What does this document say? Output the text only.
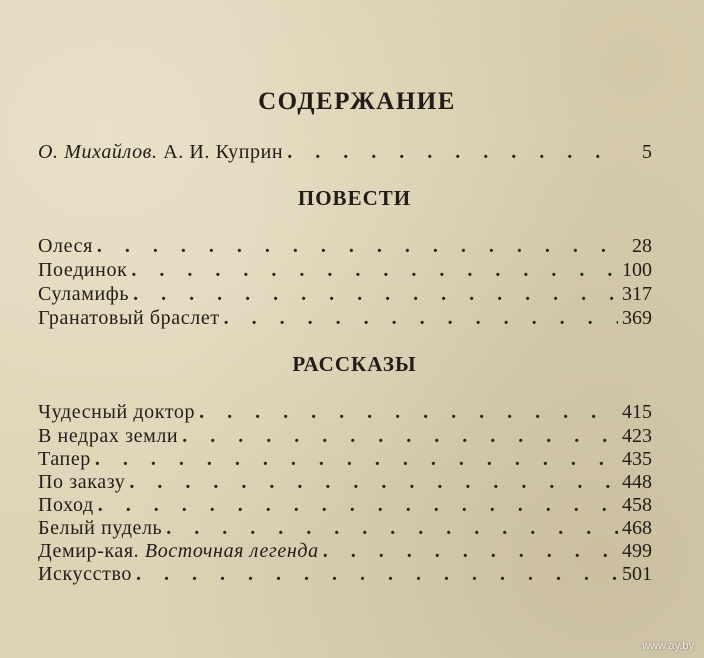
СОДЕРЖАНИЕ
О. Михайлов. А. И. Куприн . . .	5
ПОВЕСТИ
Олеся . . .	28
Поединок . . .	100
Суламифь . . .	317
Гранатовый браслет . . .	369
РАССКАЗЫ
Чудесный доктор . . .	415
В недрах земли . . .	423
Тапер . . .	435
По заказу . . .	448
Поход . . .	458
Белый пудель . . .	468
Демир-кая. Восточная легенда . . .	499
Искусство . . .	501
www.ay.by
